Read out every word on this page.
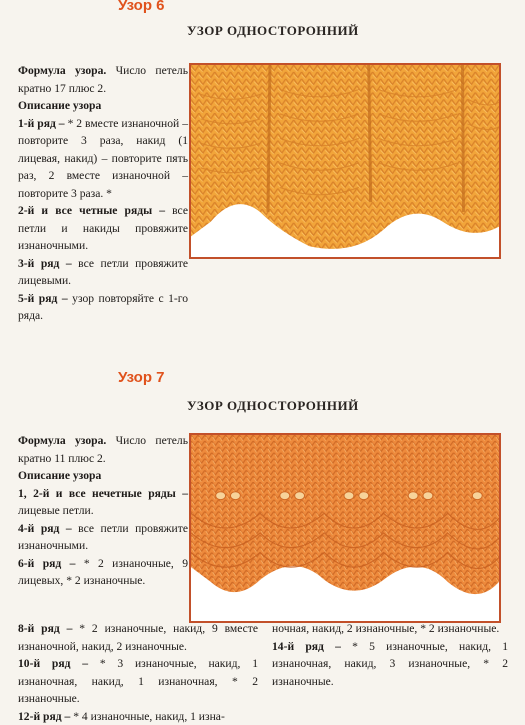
Узор 6
УЗОР ОДНОСТОРОННИЙ

Формула узора. Число петель кратно 17 плюс 2.

Описание узора

1-й ряд – * 2 вместе изнаночной – повторите 3 раза, накид (1 лицевая, накид) – повторите пять раз, 2 вместе изнаночной – повторите 3 раза. *

2-й и все четные ряды – все петли и накиды провяжите изнаночными.

3-й ряд – все петли провяжите лицевыми.

5-й ряд – узор повторяйте с 1-го ряда.

Узор 7
УЗОР ОДНОСТОРОННИЙ

Формула узора. Число петель кратно 11 плюс 2.

Описание узора

1, 2-й и все нечетные ряды – лицевые петли.

4-й ряд – все петли провяжите изнаночными.

6-й ряд – * 2 изнаночные, 9 лицевых, * 2 изнаночные.

8-й ряд – * 2 изнаночные, накид, 9 вместе изнаночной, накид, 2 изнаночные.

10-й ряд – * 3 изнаночные, накид, 1 изнаночная, накид, 1 изнаночная, * 2 изнаночные.

12-й ряд – * 4 изнаночные, накид, 1 изна-

ночная, накид, 2 изнаночные, * 2 изнаночные.

14-й ряд – * 5 изнаночные, накид, 1 изнаночная, накид, 3 изнаночные, * 2 изнаночные.
